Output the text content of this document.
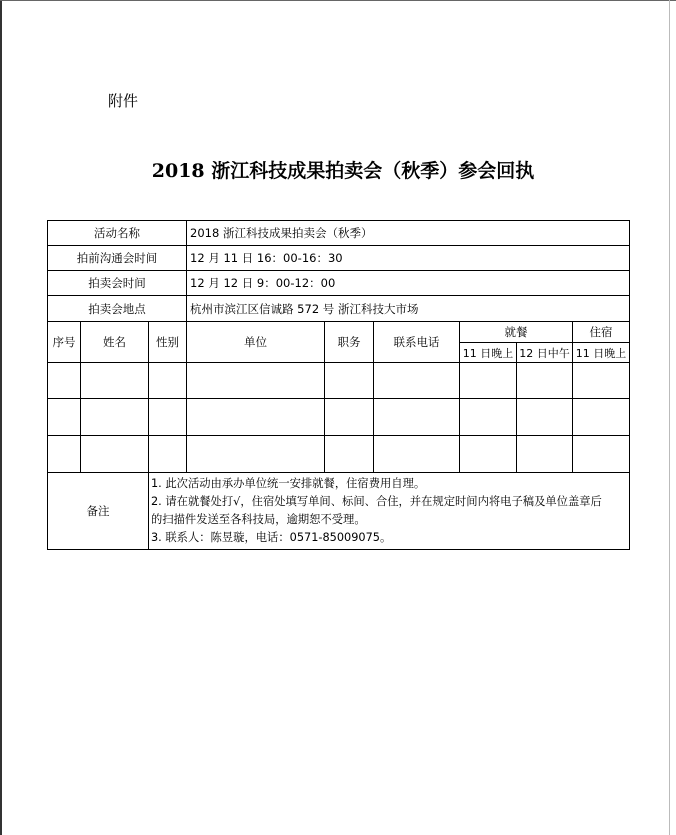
附件
2018 浙江科技成果拍卖会（秋季）参会回执
活动名称			2018 浙江科技成果拍卖会（秋季）					
拍前沟通会时间			12 月 11 日 16：00-16：30					
拍卖会时间			12 月 12 日 9：00-12：00					
拍卖会地点			杭州市滨江区信诚路 572 号 浙江科技大市场					
序号	姓名	性别	单位	职务	联系电话	就餐		住宿
						11 日晚上	12 日中午	11 日晚上

备注		1. 此次活动由承办单位统一安排就餐，住宿费用自理。
2. 请在就餐处打√，住宿处填写单间、标间、合住，并在规定时间内将电子稿及单位盖章后
的扫描件发送至各科技局，逾期恕不受理。
3. 联系人：陈昱璇，电话：0571-85009075。						
